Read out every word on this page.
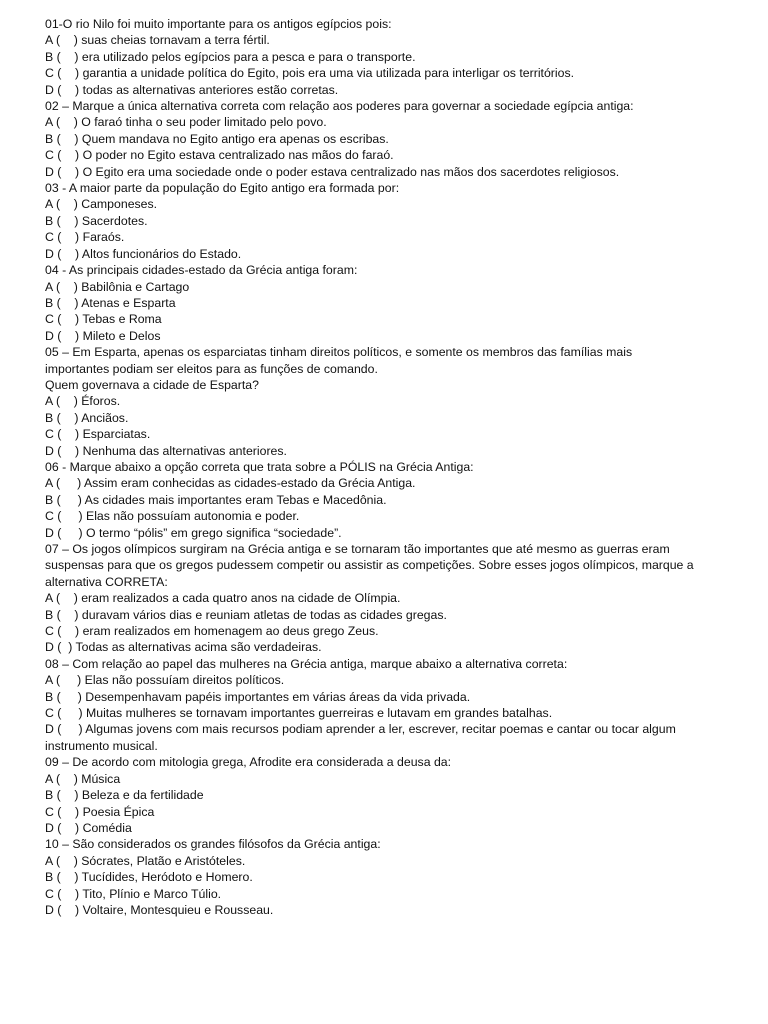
01-O rio Nilo foi muito importante para os antigos egípcios pois:
A (    ) suas cheias tornavam a terra fértil.
B (    ) era utilizado pelos egípcios para a pesca e para o transporte.
C (    ) garantia a unidade política do Egito, pois era uma via utilizada para interligar os territórios.
D (    ) todas as alternativas anteriores estão corretas.
02 – Marque a única alternativa correta com relação aos poderes para governar a sociedade egípcia antiga:
A (    ) O faraó tinha o seu poder limitado pelo povo.
B (    ) Quem mandava no Egito antigo era apenas os escribas.
C (    ) O poder no Egito estava centralizado nas mãos do faraó.
D (    ) O Egito era uma sociedade onde o poder estava centralizado nas mãos dos sacerdotes religiosos.
03 - A maior parte da população do Egito antigo era formada por:
A (    ) Camponeses.
B (    ) Sacerdotes.
C (    ) Faraós.
D (    ) Altos funcionários do Estado.
04 - As principais cidades-estado da Grécia antiga foram:
A (    ) Babilônia e Cartago
B (    ) Atenas e Esparta
C (    ) Tebas e Roma
D (    ) Mileto e Delos
05 – Em Esparta, apenas os esparciatas tinham direitos políticos, e somente os membros das famílias mais
importantes podiam ser eleitos para as funções de comando.
Quem governava a cidade de Esparta?
A (    ) Éforos.
B (    ) Anciãos.
C (    ) Esparciatas.
D (    ) Nenhuma das alternativas anteriores.
06 - Marque abaixo a opção correta que trata sobre a PÓLIS na Grécia Antiga:
A (     ) Assim eram conhecidas as cidades-estado da Grécia Antiga.
B (     ) As cidades mais importantes eram Tebas e Macedônia.
C (     ) Elas não possuíam autonomia e poder.
D (     ) O termo “pólis” em grego significa “sociedade”.
07 – Os jogos olímpicos surgiram na Grécia antiga e se tornaram tão importantes que até mesmo as guerras eram
suspensas para que os gregos pudessem competir ou assistir as competições. Sobre esses jogos olímpicos, marque a
alternativa CORRETA:
A (    ) eram realizados a cada quatro anos na cidade de Olímpia.
B (    ) duravam vários dias e reuniam atletas de todas as cidades gregas.
C (    ) eram realizados em homenagem ao deus grego Zeus.
D (  ) Todas as alternativas acima são verdadeiras.
08 – Com relação ao papel das mulheres na Grécia antiga, marque abaixo a alternativa correta:
A (     ) Elas não possuíam direitos políticos.
B (     ) Desempenhavam papéis importantes em várias áreas da vida privada.
C (     ) Muitas mulheres se tornavam importantes guerreiras e lutavam em grandes batalhas.
D (     ) Algumas jovens com mais recursos podiam aprender a ler, escrever, recitar poemas e cantar ou tocar algum
instrumento musical.
09 – De acordo com mitologia grega, Afrodite era considerada a deusa da:
A (    ) Música
B (    ) Beleza e da fertilidade
C (    ) Poesia Épica
D (    ) Comédia
10 – São considerados os grandes filósofos da Grécia antiga:
A (    ) Sócrates, Platão e Aristóteles.
B (    ) Tucídides, Heródoto e Homero.
C (    ) Tito, Plínio e Marco Túlio.
D (    ) Voltaire, Montesquieu e Rousseau.
